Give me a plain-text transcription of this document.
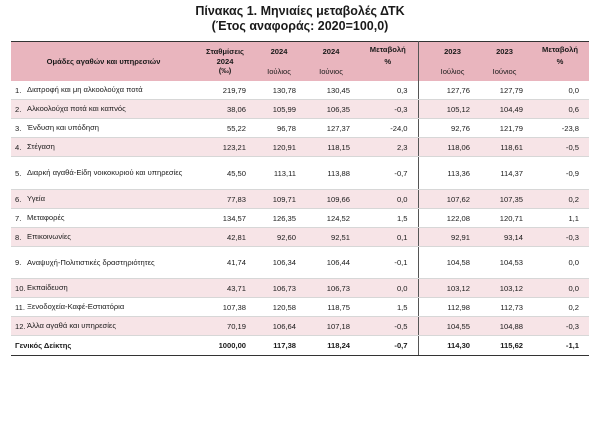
Πίνακας 1. Μηνιαίες μεταβολές ΔΤΚ
(Έτος αναφοράς: 2020=100,0)
Ομάδες αγαθών και υπηρεσιών		Σταθμίσεις
2024
(‰)	2024	2024	Μεταβολή
%		2023	2023	Μεταβολή
%
			Ιούλιος	Ιούνιος			Ιούλιος	Ιούνιος	
1.	Διατροφή και μη αλκοολούχα ποτά	219,79	130,78	130,45	0,3		127,76	127,79	0,0
2.	Αλκοολούχα ποτά και καπνός	38,06	105,99	106,35	-0,3		105,12	104,49	0,6
3.	Ένδυση και υπόδηση	55,22	96,78	127,37	-24,0		92,76	121,79	-23,8
4.	Στέγαση	123,21	120,91	118,15	2,3		118,06	118,61	-0,5
5.	Διαρκή αγαθά-Είδη νοικοκυριού και υπηρεσίες	45,50	113,11	113,88	-0,7		113,36	114,37	-0,9
6.	Υγεία	77,83	109,71	109,66	0,0		107,62	107,35	0,2
7.	Μεταφορές	134,57	126,35	124,52	1,5		122,08	120,71	1,1
8.	Επικοινωνίες	42,81	92,60	92,51	0,1		92,91	93,14	-0,3
9.	Αναψυχή-Πολιτιστικές δραστηριότητες	41,74	106,34	106,44	-0,1		104,58	104,53	0,0
10.	Εκπαίδευση	43,71	106,73	106,73	0,0		103,12	103,12	0,0
11.	Ξενοδοχεία-Καφέ-Εστιατόρια	107,38	120,58	118,75	1,5		112,98	112,73	0,2
12.	Άλλα αγαθά και υπηρεσίες	70,19	106,64	107,18	-0,5		104,55	104,88	-0,3
Γενικός Δείκτης		1000,00	117,38	118,24	-0,7		114,30	115,62	-1,1
